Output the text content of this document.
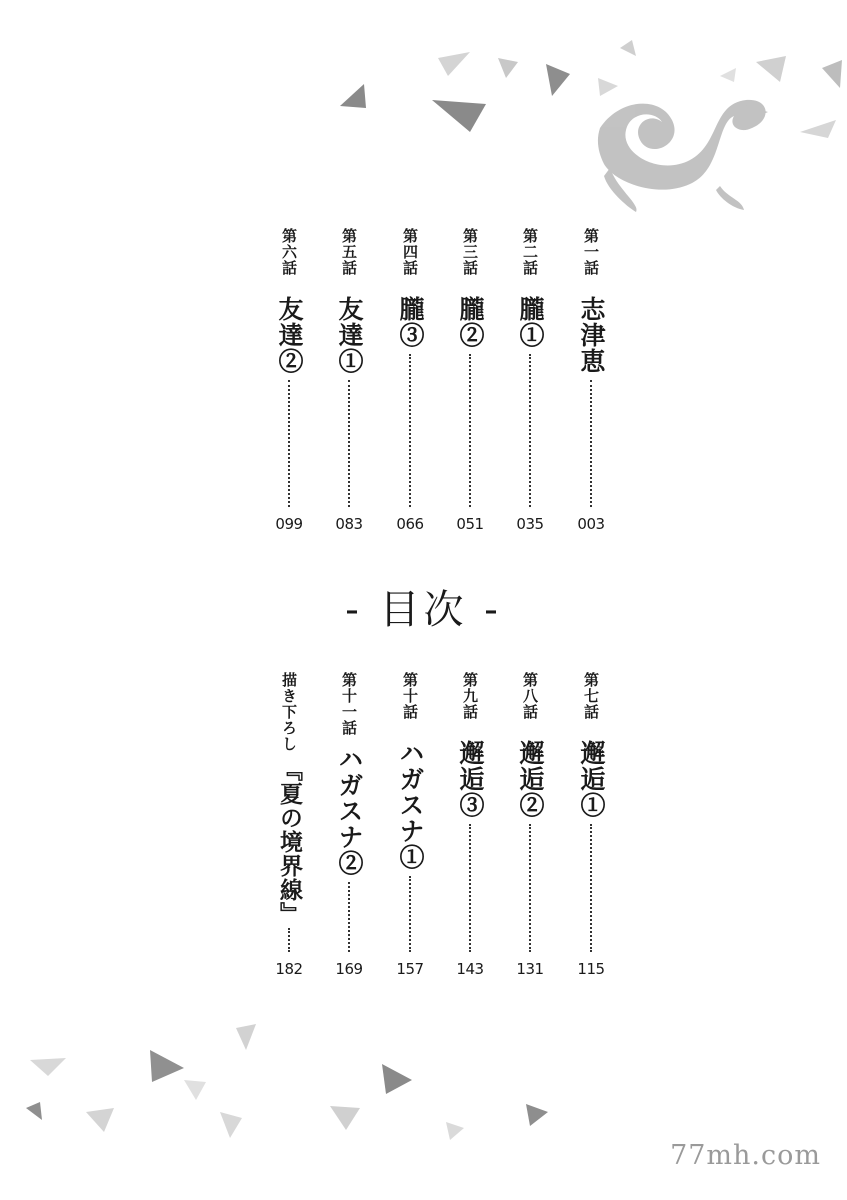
第一話
志津恵
003
第二話
朧①
035
第三話
朧②
051
第四話
朧③
066
第五話
友達①
083
第六話
友達②
099
- 目次 -
第七話
邂逅①
115
第八話
邂逅②
131
第九話
邂逅③
143
第十話
ハガスナ①
157
第十一話
ハガスナ②
169
描き下ろし
『夏の境界線』
182
77mh.com
